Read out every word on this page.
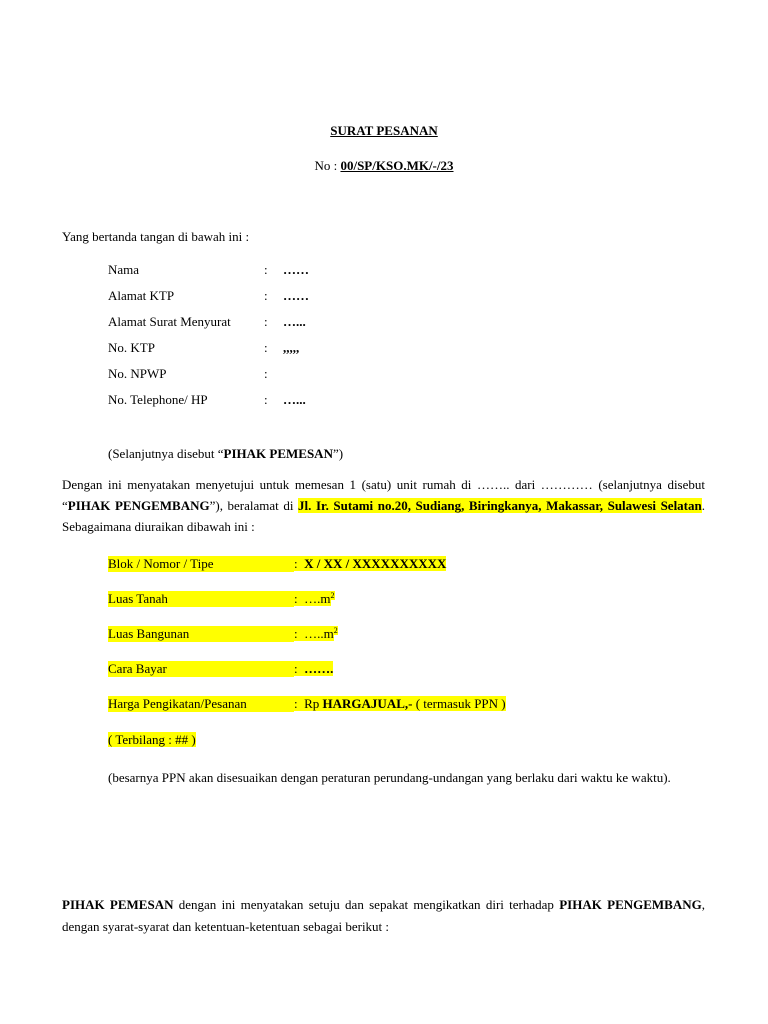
SURAT PESANAN
No : 00/SP/KSO.MK/-/23
Yang bertanda tangan di bawah ini :
Nama	: ……
Alamat KTP	: ……
Alamat Surat Menyurat	: …...
No. KTP	: ,,,,,
No. NPWP	:
No. Telephone/ HP	: …...
(Selanjutnya disebut “PIHAK PEMESAN”)
Dengan ini menyatakan menyetujui untuk memesan 1 (satu) unit rumah di …….. dari ………… (selanjutnya disebut “PIHAK PENGEMBANG”), beralamat di Jl. Ir. Sutami no.20, Sudiang, Biringkanya, Makassar, Sulawesi Selatan. Sebagaimana diuraikan dibawah ini :
Blok / Nomor / Tipe	: X / XX / XXXXXXXXXX
Luas Tanah	: $\dots.m^2$
Luas Bangunan	: $\dots..m^2$
Cara Bayar	: …….
Harga Pengikatan/Pesanan	: Rp HARGAJUAL,- ( termasuk PPN )
( Terbilang : ## )
(besarnya PPN akan disesuaikan dengan peraturan perundang-undangan yang berlaku dari waktu ke waktu).
PIHAK PEMESAN dengan ini menyatakan setuju dan sepakat mengikatkan diri terhadap PIHAK PENGEMBANG, dengan syarat-syarat dan ketentuan-ketentuan sebagai berikut :
